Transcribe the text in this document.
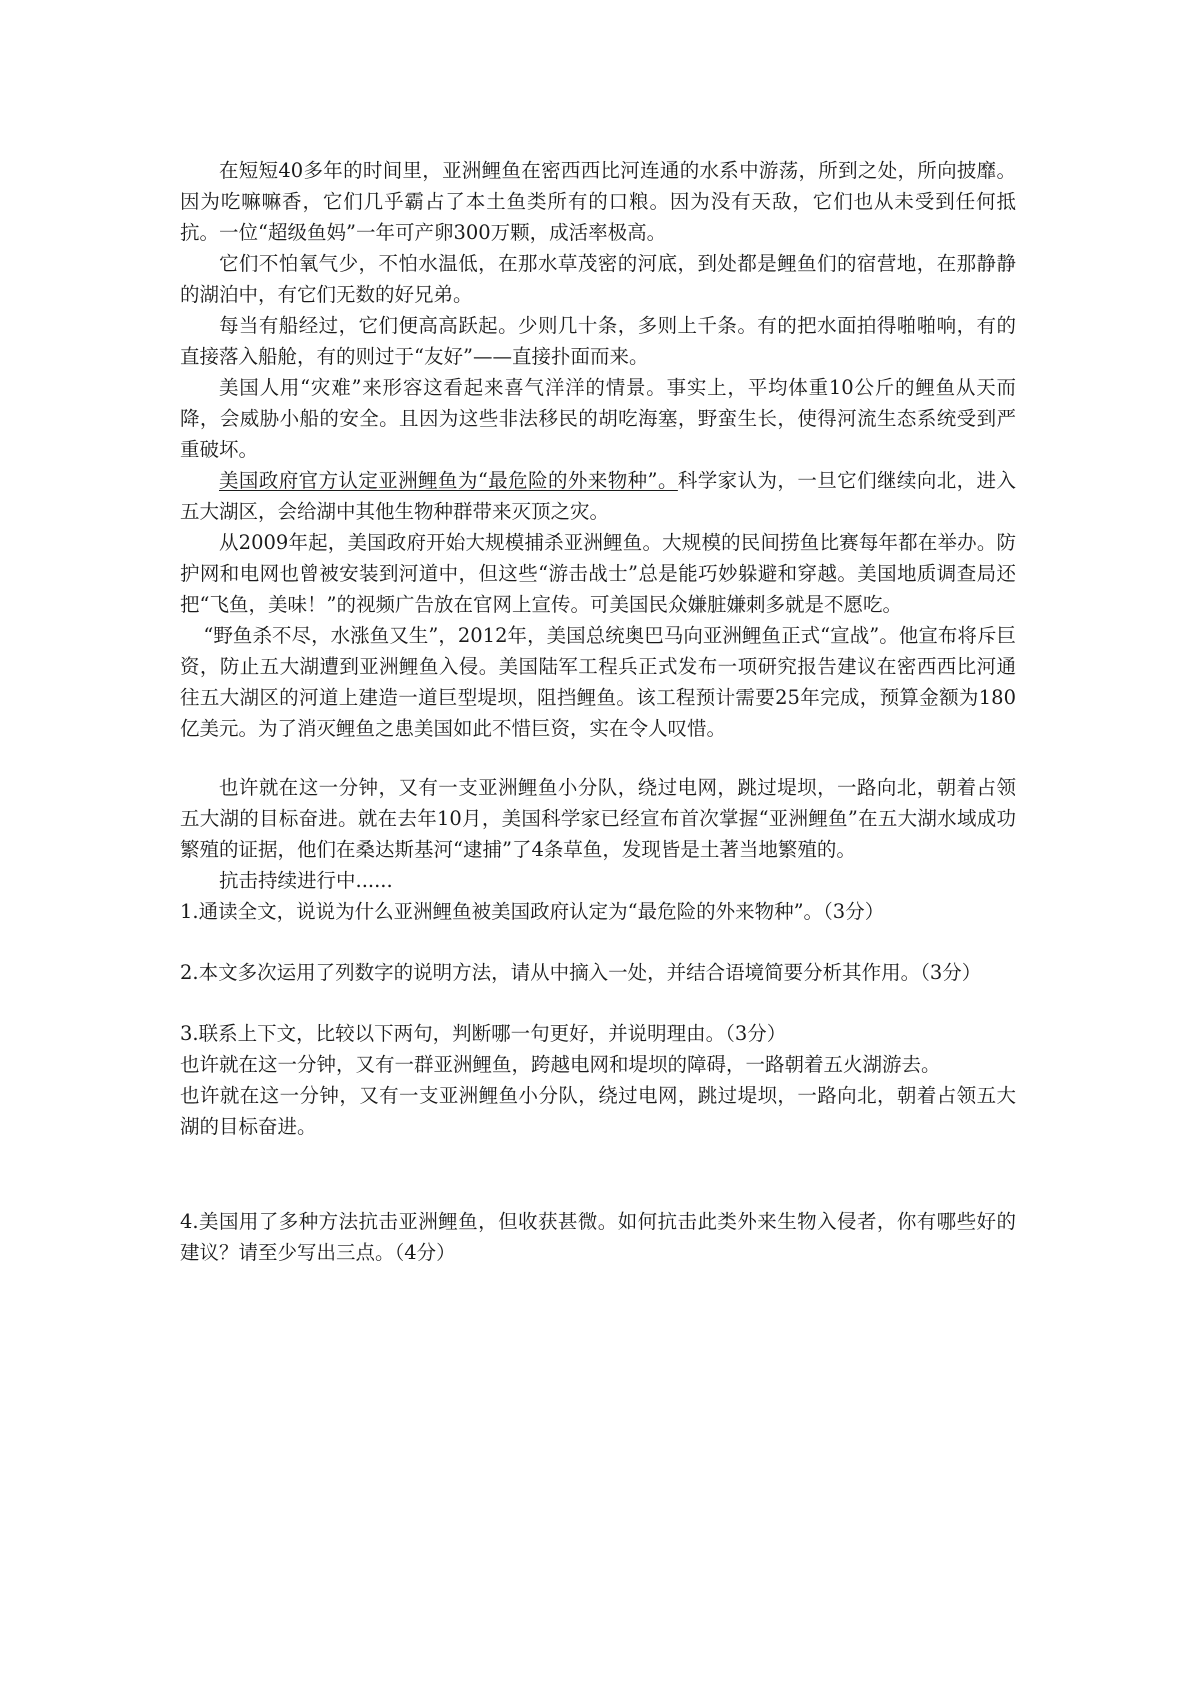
在短短40多年的时间里，亚洲鲤鱼在密西西比河连通的水系中游荡，所到之处，所向披靡。因为吃嘛嘛香，它们几乎霸占了本土鱼类所有的口粮。因为没有天敌，它们也从未受到任何抵抗。一位“超级鱼妈”一年可产卵300万颗，成活率极高。

它们不怕氧气少，不怕水温低，在那水草茂密的河底，到处都是鲤鱼们的宿营地，在那静静的湖泊中，有它们无数的好兄弟。

每当有船经过，它们便高高跃起。少则几十条，多则上千条。有的把水面拍得啪啪响，有的直接落入船舱，有的则过于“友好”——直接扑面而来。

美国人用“灾难”来形容这看起来喜气洋洋的情景。事实上，平均体重10公斤的鲤鱼从天而降，会威胁小船的安全。且因为这些非法移民的胡吃海塞，野蛮生长，使得河流生态系统受到严重破坏。

美国政府官方认定亚洲鲤鱼为“最危险的外来物种”。科学家认为，一旦它们继续向北，进入五大湖区，会给湖中其他生物种群带来灭顶之灾。

从2009年起，美国政府开始大规模捕杀亚洲鲤鱼。大规模的民间捞鱼比赛每年都在举办。防护网和电网也曾被安装到河道中，但这些“游击战士”总是能巧妙躲避和穿越。美国地质调查局还把“飞鱼，美味！”的视频广告放在官网上宣传。可美国民众嫌脏嫌刺多就是不愿吃。

“野鱼杀不尽，水涨鱼又生”，2012年，美国总统奥巴马向亚洲鲤鱼正式“宣战”。他宣布将斥巨资，防止五大湖遭到亚洲鲤鱼入侵。美国陆军工程兵正式发布一项研究报告建议在密西西比河通往五大湖区的河道上建造一道巨型堤坝，阻挡鲤鱼。该工程预计需要25年完成，预算金额为180亿美元。为了消灭鲤鱼之患美国如此不惜巨资，实在令人叹惜。

也许就在这一分钟，又有一支亚洲鲤鱼小分队，绕过电网，跳过堤坝，一路向北，朝着占领五大湖的目标奋进。就在去年10月，美国科学家已经宣布首次掌握“亚洲鲤鱼”在五大湖水域成功繁殖的证据，他们在桑达斯基河“逮捕”了4条草鱼，发现皆是土著当地繁殖的。

抗击持续进行中......

1.通读全文，说说为什么亚洲鲤鱼被美国政府认定为“最危险的外来物种”。（3分）

2.本文多次运用了列数字的说明方法，请从中摘入一处，并结合语境简要分析其作用。（3分）

3.联系上下文，比较以下两句，判断哪一句更好，并说明理由。（3分）

也许就在这一分钟，又有一群亚洲鲤鱼，跨越电网和堤坝的障碍，一路朝着五火湖游去。

也许就在这一分钟，又有一支亚洲鲤鱼小分队，绕过电网，跳过堤坝，一路向北，朝着占领五大湖的目标奋进。

4.美国用了多种方法抗击亚洲鲤鱼，但收获甚微。如何抗击此类外来生物入侵者，你有哪些好的建议？请至少写出三点。（4分）
